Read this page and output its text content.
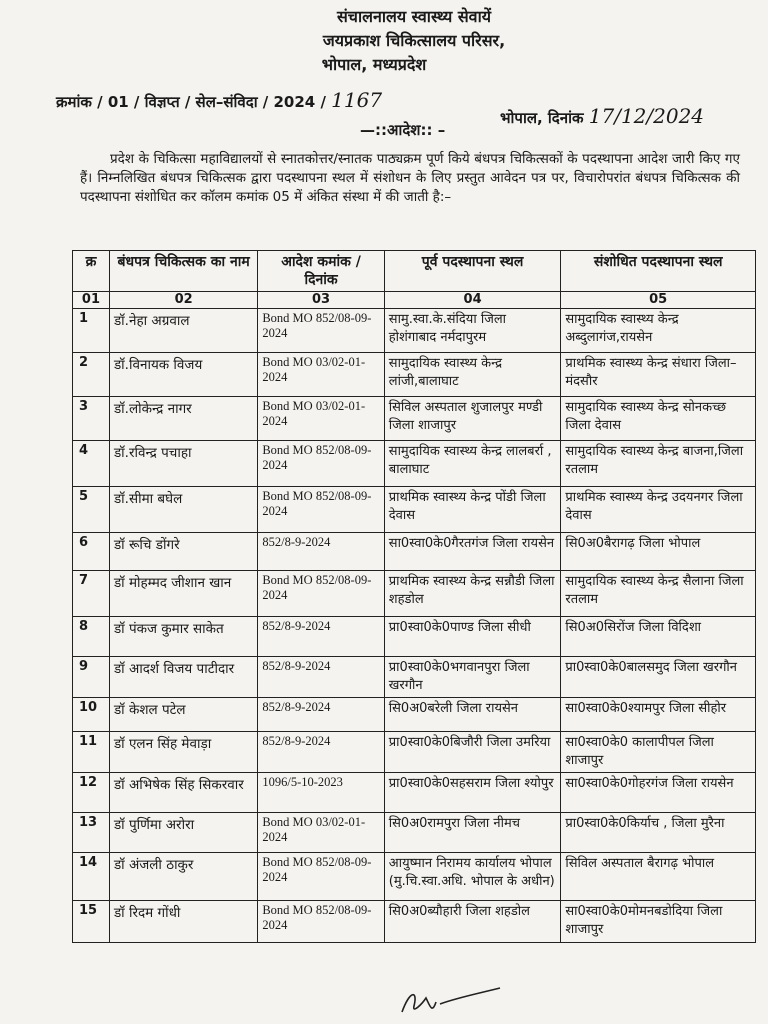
संचालनालय स्वास्थ्य सेवायें
जयप्रकाश चिकित्सालय परिसर,
भोपाल, मध्यप्रदेश
क्रमांक / 01 / विज्ञप्त / सेल–संविदा / 2024 / 1167
भोपाल, दिनांक 17/12/2024
—::आदेश:: –
प्रदेश के चिकित्सा महाविद्यालयों से स्नातकोत्तर/स्नातक पाठ्यक्रम पूर्ण किये बंधपत्र चिकित्सकों के पदस्थापना आदेश जारी किए गए हैं। निम्नलिखित बंधपत्र चिकित्सक द्वारा पदस्थापना स्थल में संशोधन के लिए प्रस्तुत आवेदन पत्र पर, विचारोपरांत बंधपत्र चिकित्सक की पदस्थापना संशोधित कर कॉलम कमांक 05 में अंकित संस्था में की जाती है:–
क्र	बंधपत्र चिकित्सक का नाम	आदेश कमांक / दिनांक	पूर्व पदस्थापना स्थल	संशोधित पदस्थापना स्थल
01	02	03	04	05
1	डॉ.नेहा अग्रवाल	Bond MO 852/08-09-2024	सामु.स्वा.के.संदिया जिला होशंगाबाद नर्मदापुरम	सामुदायिक स्वास्थ्य केन्द्र अब्दुलागंज,रायसेन
2	डॉ.विनायक विजय	Bond MO 03/02-01-2024	सामुदायिक स्वास्थ्य केन्द्र लांजी,बालाघाट	प्राथमिक स्वास्थ्य केन्द्र संधारा जिला–मंदसौर
3	डॉ.लोकेन्द्र नागर	Bond MO 03/02-01-2024	सिविल अस्पताल शुजालपुर मण्डी जिला शाजापुर	सामुदायिक स्वास्थ्य केन्द्र सोनकच्छ जिला देवास
4	डॉ.रविन्द्र पचाहा	Bond MO 852/08-09-2024	सामुदायिक स्वास्थ्य केन्द्र लालबर्रा , बालाघाट	सामुदायिक स्वास्थ्य केन्द्र बाजना,जिला रतलाम
5	डॉ.सीमा बघेल	Bond MO 852/08-09-2024	प्राथमिक स्वास्थ्य केन्द्र पोंडी जिला देवास	प्राथमिक स्वास्थ्य केन्द्र उदयनगर जिला देवास
6	डॉ रूचि डोंगरे	852/8-9-2024	सा0स्वा0के0गैरतगंज जिला रायसेन	सि0अ0बैरागढ़ जिला भोपाल
7	डॉ मोहम्मद जीशान खान	Bond MO 852/08-09-2024	प्राथमिक स्वास्थ्य केन्द्र सन्नौडी जिला शहडोल	सामुदायिक स्वास्थ्य केन्द्र सैलाना जिला रतलाम
8	डॉ पंकज कुमार साकेत	852/8-9-2024	प्रा0स्वा0के0पाण्ड जिला सीधी	सि0अ0सिरोंज जिला विदिशा
9	डॉ आदर्श विजय पाटीदार	852/8-9-2024	प्रा0स्वा0के0भगवानपुरा जिला खरगौन	प्रा0स्वा0के0बालसमुद जिला खरगौन
10	डॉ केशल पटेल	852/8-9-2024	सि0अ0बरेली जिला रायसेन	सा0स्वा0के0श्यामपुर जिला सीहोर
11	डॉ एलन सिंह मेवाड़ा	852/8-9-2024	प्रा0स्वा0के0बिजौरी जिला उमरिया	सा0स्वा0के0 कालापीपल जिला शाजापुर
12	डॉ अभिषेक सिंह सिकरवार	1096/5-10-2023	प्रा0स्वा0के0सहसराम जिला श्योपुर	सा0स्वा0के0गोहरगंज जिला रायसेन
13	डॉ पुर्णिमा अरोरा	Bond MO 03/02-01-2024	सि0अ0रामपुरा जिला नीमच	प्रा0स्वा0के0किर्याच , जिला मुरैना
14	डॉ अंजली ठाकुर	Bond MO 852/08-09-2024	आयुष्मान निरामय कार्यालय भोपाल (मु.चि.स्वा.अधि. भोपाल के अधीन)	सिविल अस्पताल बैरागढ़ भोपाल
15	डॉ रिदम गोंधी	Bond MO 852/08-09-2024	सि0अ0ब्यौहारी जिला शहडोल	सा0स्वा0के0मोमनबडोदिया जिला शाजापुर
